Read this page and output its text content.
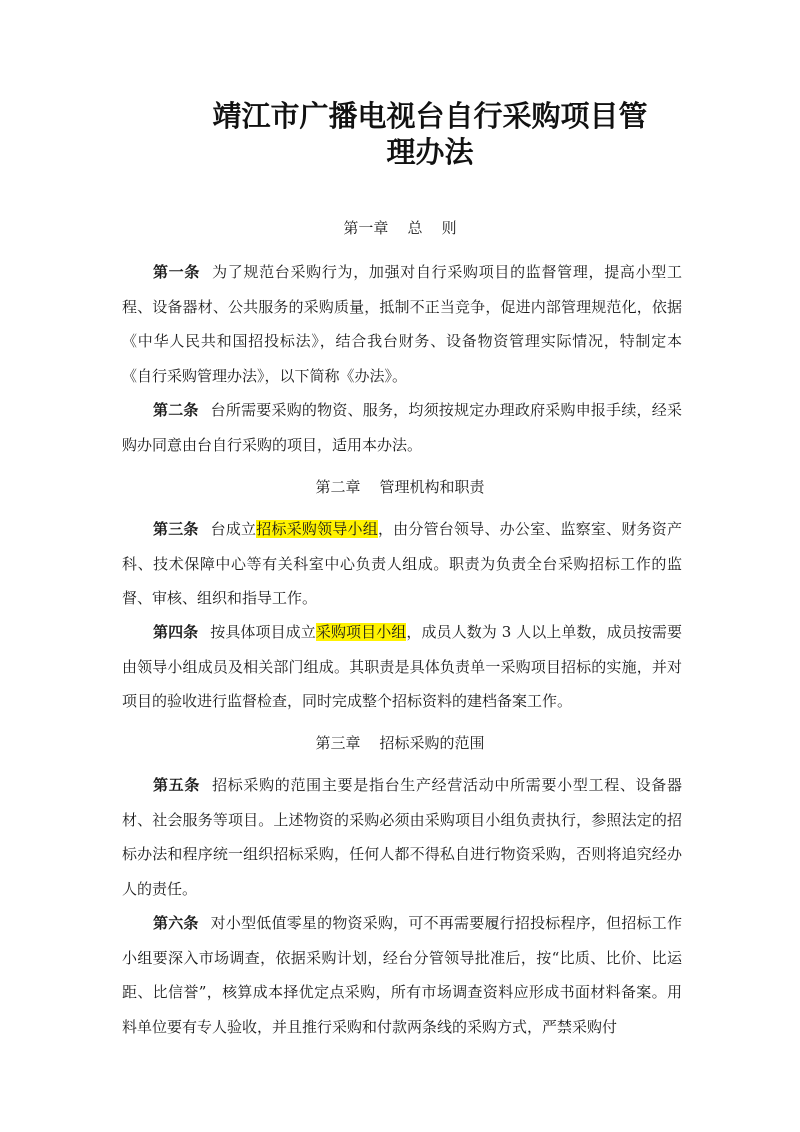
靖江市广播电视台自行采购项目管
理办法

第一章    总    则

第一条 为了规范台采购行为，加强对自行采购项目的监督管理，提高小型工程、设备器材、公共服务的采购质量，抵制不正当竞争，促进内部管理规范化，依据《中华人民共和国招投标法》，结合我台财务、设备物资管理实际情况，特制定本《自行采购管理办法》，以下简称《办法》。

第二条 台所需要采购的物资、服务，均须按规定办理政府采购申报手续，经采购办同意由台自行采购的项目，适用本办法。

第二章    管理机构和职责

第三条 台成立招标采购领导小组，由分管台领导、办公室、监察室、财务资产科、技术保障中心等有关科室中心负责人组成。职责为负责全台采购招标工作的监督、审核、组织和指导工作。

第四条 按具体项目成立采购项目小组，成员人数为 3 人以上单数，成员按需要由领导小组成员及相关部门组成。其职责是具体负责单一采购项目招标的实施，并对项目的验收进行监督检查，同时完成整个招标资料的建档备案工作。

第三章    招标采购的范围

第五条 招标采购的范围主要是指台生产经营活动中所需要小型工程、设备器材、社会服务等项目。上述物资的采购必须由采购项目小组负责执行，参照法定的招标办法和程序统一组织招标采购，任何人都不得私自进行物资采购，否则将追究经办人的责任。

第六条 对小型低值零星的物资采购，可不再需要履行招投标程序，但招标工作小组要深入市场调查，依据采购计划，经台分管领导批准后，按“比质、比价、比运距、比信誉”，核算成本择优定点采购，所有市场调查资料应形成书面材料备案。用料单位要有专人验收，并且推行采购和付款两条线的采购方式，严禁采购付
